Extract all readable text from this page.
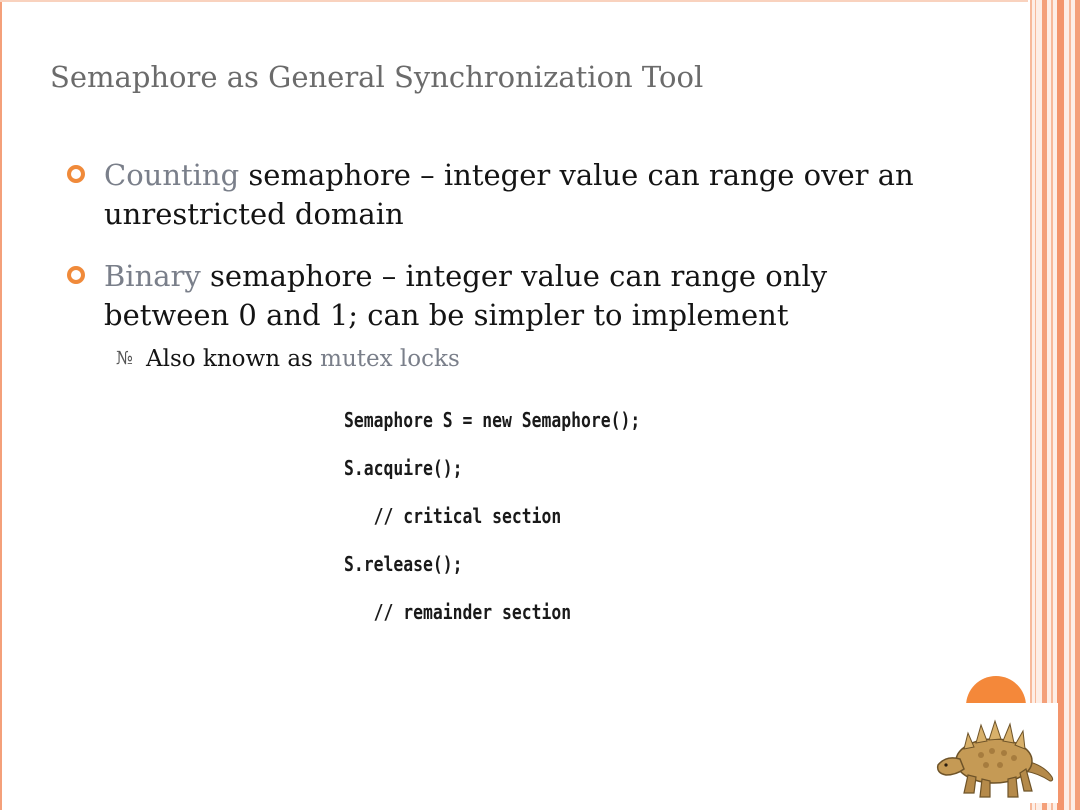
Semaphore as General Synchronization Tool
Counting semaphore – integer value can range over an unrestricted domain
Binary semaphore – integer value can range only between 0 and 1; can be simpler to implement
№ Also known as mutex locks
Semaphore S = new Semaphore();
S.acquire();
// critical section
S.release();
// remainder section
